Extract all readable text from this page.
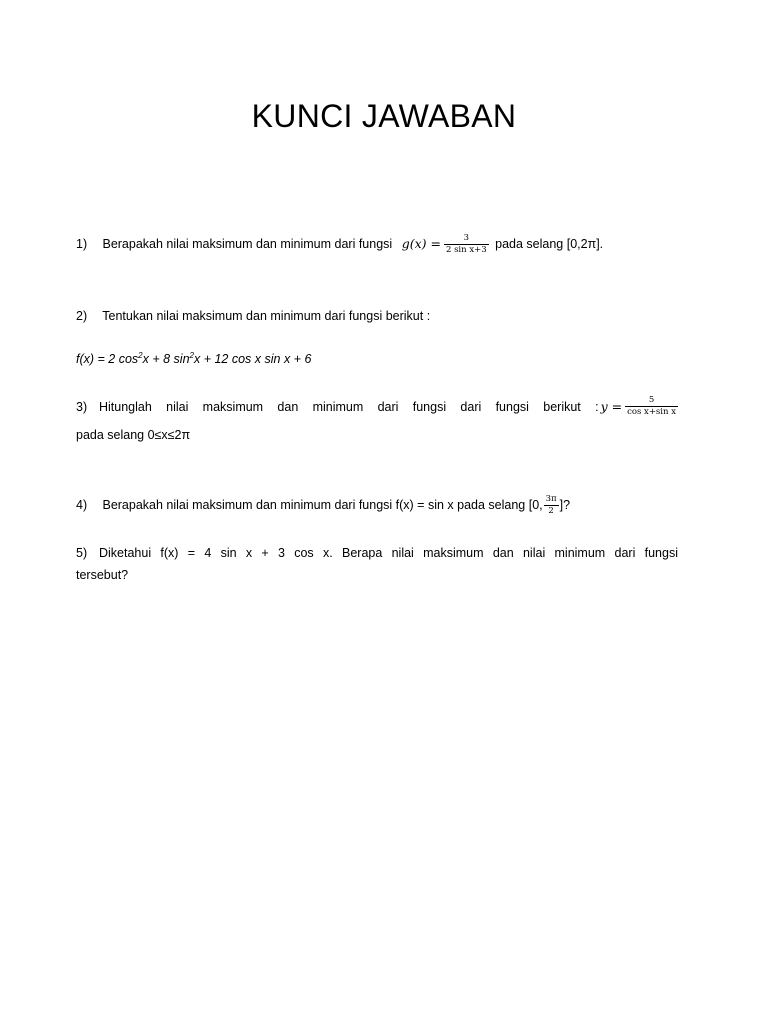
KUNCI JAWABAN
1) Berapakah nilai maksimum dan minimum dari fungsi $g(x) = \frac{3}{\text{2 sin x+3}}$ pada selang [0,2π].
2) Tentukan nilai maksimum dan minimum dari fungsi berikut :
f(x) = 2 $\cos^2x + 8$ $\sin^2x + 12$ cos x sin x + 6
3) Hitunglah nilai maksimum dan minimum dari fungsi dari fungsi berikut : $y = \frac{5}{\text{cos x+sin x}}$
pada selang 0≤x≤2π
4) Berapakah nilai maksimum dan minimum dari fungsi f(x) = sin x pada selang [0, $\frac{3\pi}{2}$ ]?
5) Diketahui f(x) = 4 sin x + 3 cos x. Berapa nilai maksimum dan nilai minimum dari fungsi
tersebut?
